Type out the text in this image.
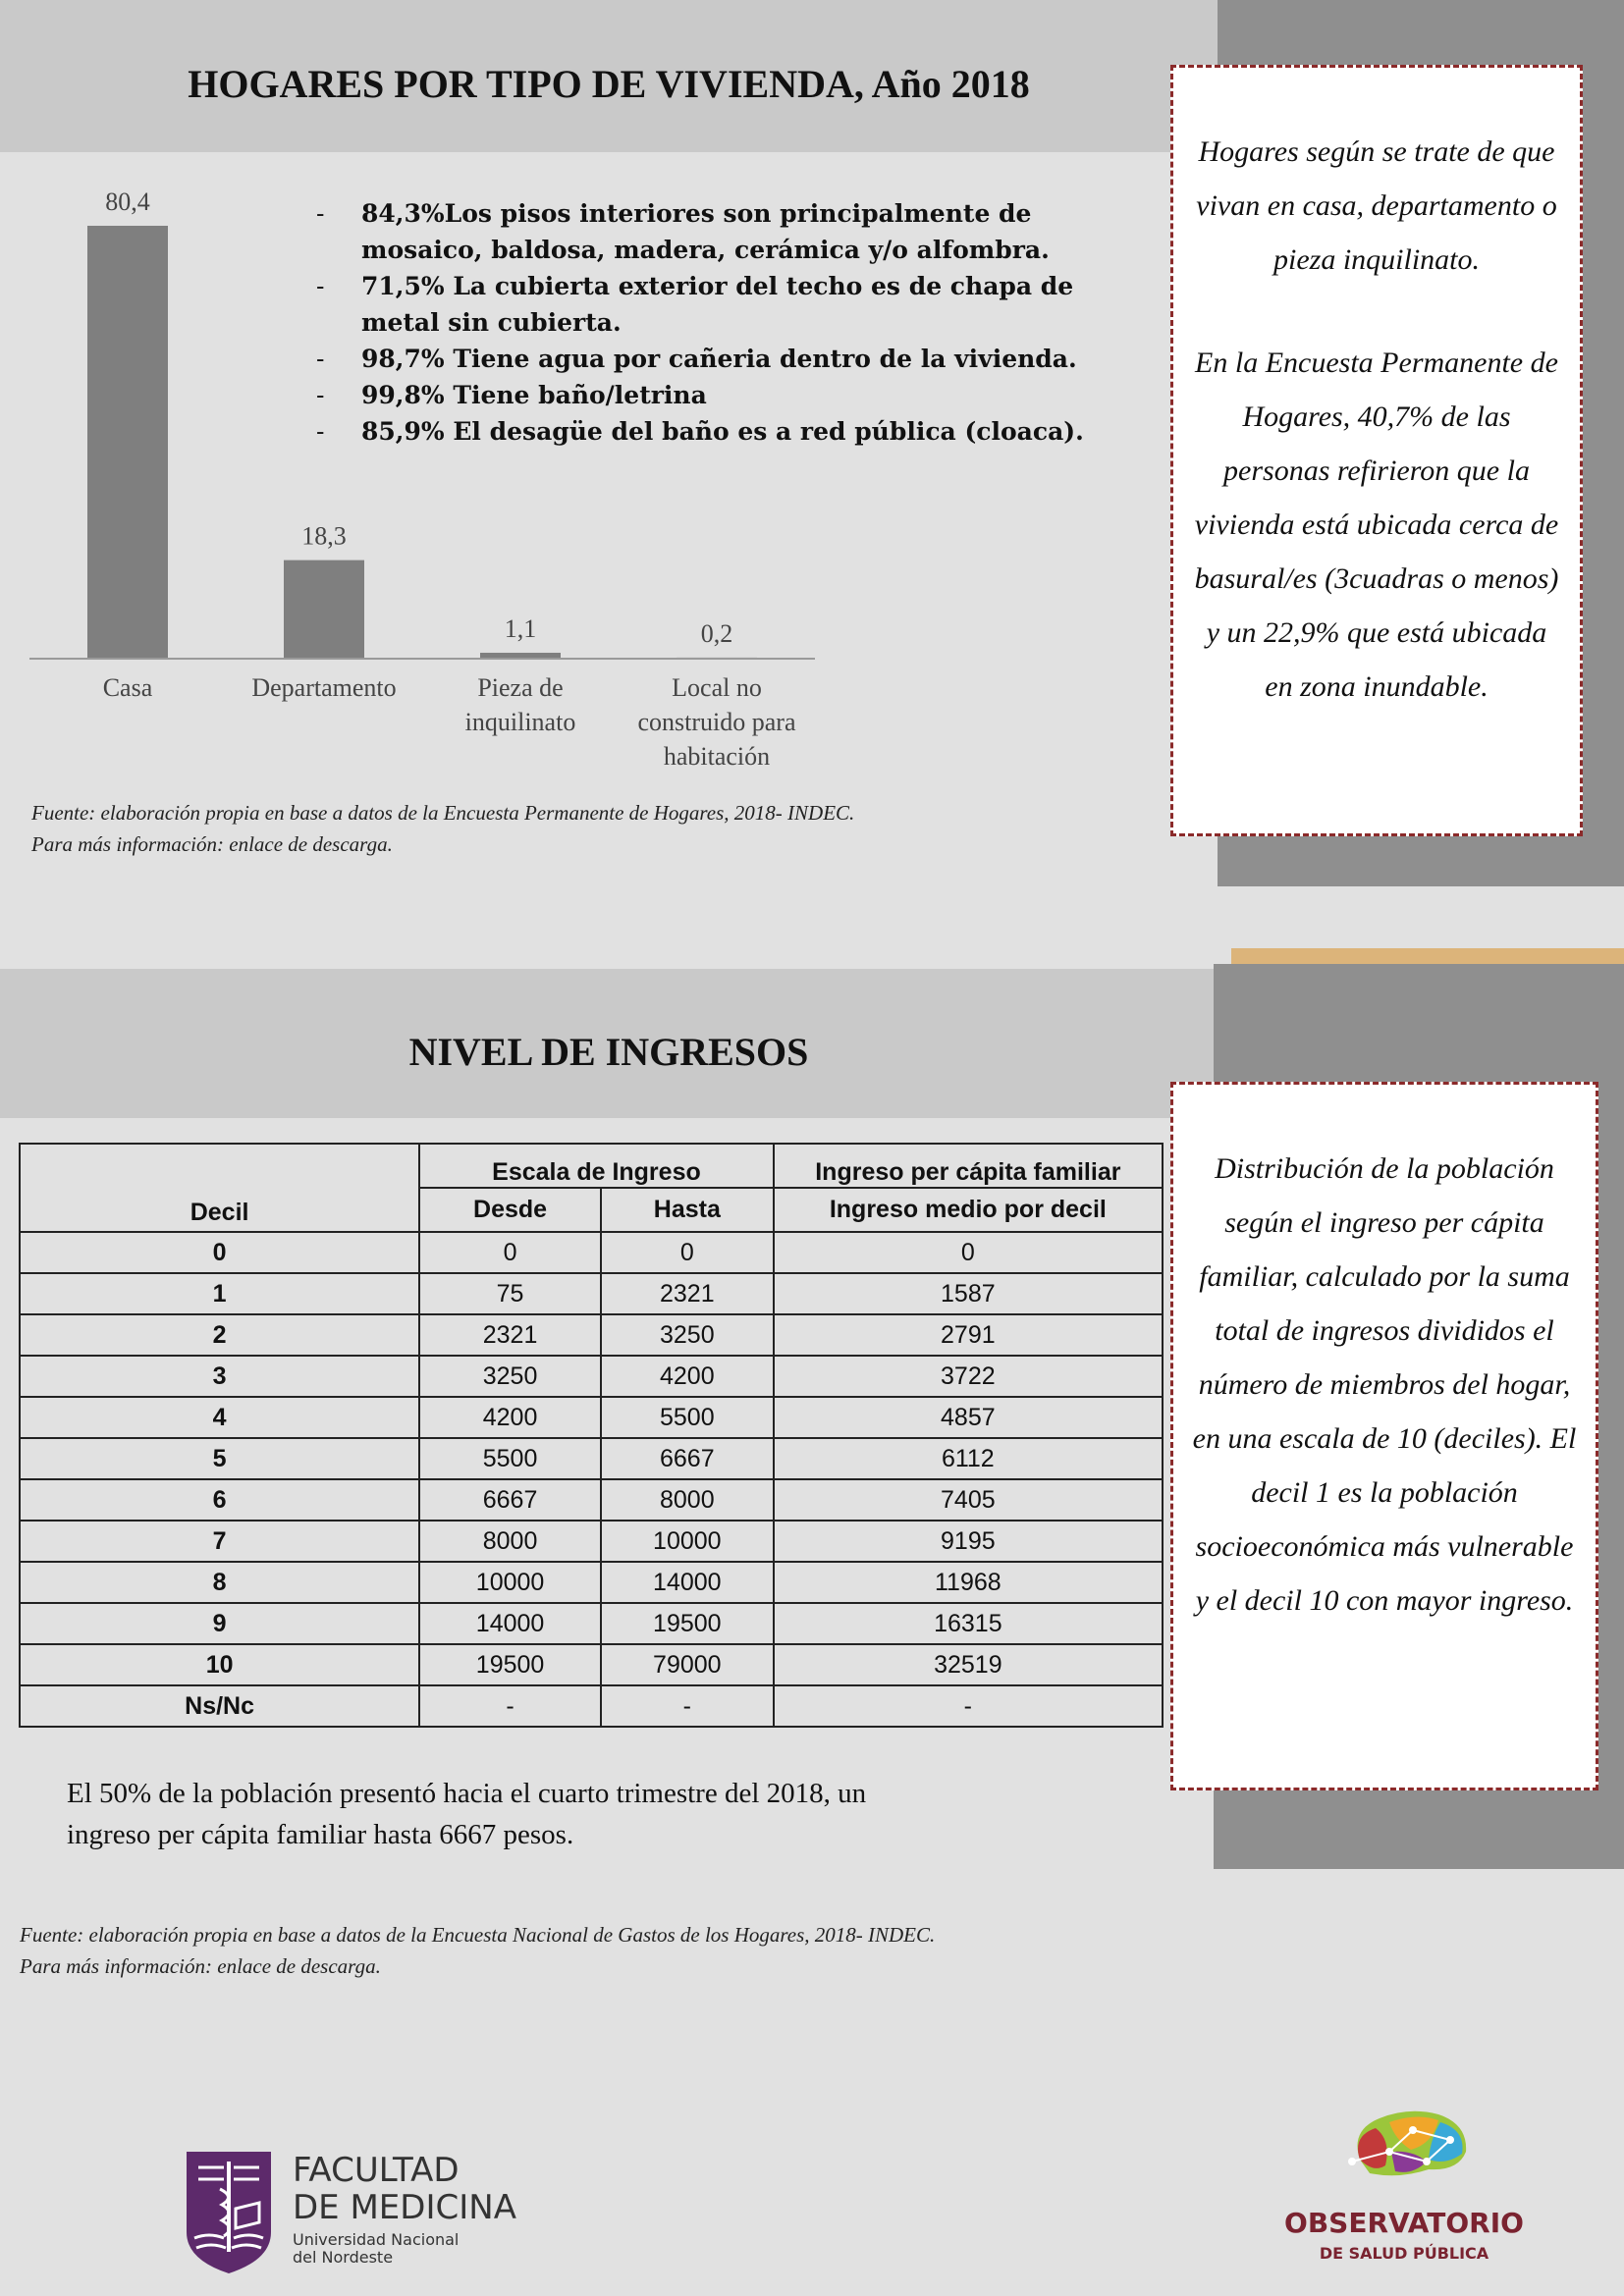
HOGARES POR TIPO DE VIVIENDA, Año 2018
80,4
Casa
18,3
Departamento
1,1
Pieza de
inquilinato
0,2
Local no
construido para
habitación
- 84,3%Los pisos interiores son principalmente de mosaico, baldosa, madera, cerámica y/o alfombra.
- 71,5% La cubierta exterior del techo es de chapa de metal sin cubierta.
- 98,7% Tiene agua por cañeria dentro de la vivienda.
- 99,8% Tiene baño/letrina
- 85,9% El desagüe del baño es a red pública (cloaca).
Fuente: elaboración propia en base a datos de la Encuesta Permanente de Hogares, 2018- INDEC.
Para más información: enlace de descarga.
Hogares según se trate de que vivan en casa, departamento o pieza inquilinato.
En la Encuesta Permanente de Hogares, 40,7% de las personas refirieron que la vivienda está ubicada cerca de basural/es (3cuadras o menos) y un 22,9% que está ubicada en zona inundable.
NIVEL DE INGRESOS
Decil	Escala de Ingreso		Ingreso per cápita familiar
	Desde	Hasta	Ingreso medio por decil
0	0	0	0
1	75	2321	1587
2	2321	3250	2791
3	3250	4200	3722
4	4200	5500	4857
5	5500	6667	6112
6	6667	8000	7405
7	8000	10000	9195
8	10000	14000	11968
9	14000	19500	16315
10	19500	79000	32519
Ns/Nc	-	-	-
El 50% de la población presentó hacia el cuarto trimestre del 2018, un
ingreso per cápita familiar hasta 6667 pesos.
Fuente: elaboración propia en base a datos de la Encuesta Nacional de Gastos de los Hogares, 2018- INDEC.
Para más información: enlace de descarga.
Distribución de la población según el ingreso per cápita familiar, calculado por la suma total de ingresos divididos el número de miembros del hogar, en una escala de 10 (deciles). El decil 1 es la población socioeconómica más vulnerable y el decil 10 con mayor ingreso.
FACULTAD
DE MEDICINA
Universidad Nacional
del Nordeste
OBSERVATORIO
DE SALUD PÚBLICA
